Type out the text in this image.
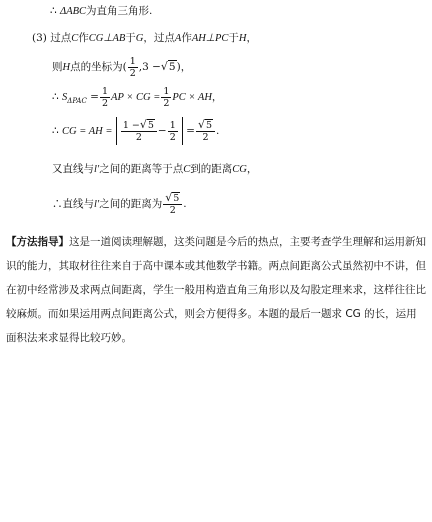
∴ ΔABC为直角三角形.
(3) 过点C作CG⊥AB于G，过点A作AH⊥PC于H，
则H点的坐标为( $\frac{1}{2} ,3 -√5$)，
∴ $S_{\Delta PAC} = \frac{1}{2}$ AP × CG = $\frac{1}{2}$ PC × AH，
∴ CG = AH = $\frac{1 -√5}{2} - \frac{1}{2} = \frac{√5}{2}$ .
又直线与l′之间的距离等于点C到的距离CG，
∴直线与l′之间的距离为 $\frac{√5}{2}$ .
【方法指导】这是一道阅读理解题，这类问题是今后的热点，主要考查学生理解和运用新知识的能力，其取材往往来自于高中课本或其他数学书籍。两点间距离公式虽然初中不讲，但在初中经常涉及求两点间距离，学生一般用构造直角三角形以及勾股定理来求，这样往往比较麻烦。而如果运用两点间距离公式，则会方便得多。本题的最后一题求 CG 的长，运用面积法来求显得比较巧妙。
